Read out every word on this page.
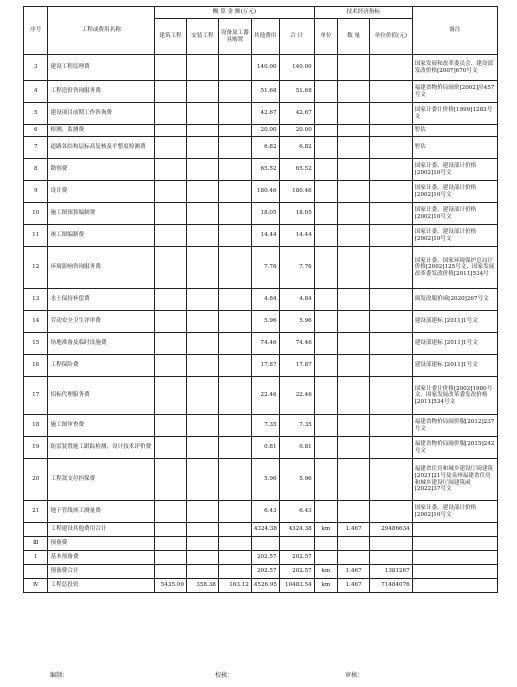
序号	工程或费用名称	概 算 金 额(万元)					技术经济指标			备注
		建筑工程	安装工程	设备及工器具购置	其他费用	合 计	单位	数 量	单位价值(元)	
3	建设工程监理费				140.00	140.00				国家发展和改革委员会、建设部发改价格[2007]670号文
4	工程造价咨询服务费				51.68	51.68				福建省物价局闽价[2002]房457号文
5	建设项目前期工作咨询费				42.67	42.67				国家计委计价格[1999]1283号文
6	检测、监测费				20.00	20.00				暂估
7	道路各结构层标高复核及平整度检测费				6.82	6.82				暂估
8	勘察费				65.52	65.52				国家计委、建设部计价格[2002]10号文
9	设计费				180.46	180.46				国家计委、建设部计价格[2002]10号文
10	施工图预算编制费				18.05	18.05				国家计委、建设部计价格[2002]10号文
11	竣工图编制费				14.44	14.44				国家计委、建设部计价格[2002]10号文
12	环境影响咨询服务费				7.76	7.76				国家计委、国家环境保护总局计价格[2002]125号文、国家发展改革委发改价格[2011]534号
13	水土保持补偿费				4.84	4.84				闽发改服价函[2020]267号文
14	劳动安全卫生评审费				5.96	5.96				建设部建标 [2011]1号文
15	场地准备及临时设施费				74.46	74.46				建设部建标 [2011]1号文
16	工程保险费				17.87	17.87				建设部建标 [2011]1号文
17	招标代理服务费				22.46	22.46				国家计委计价格[2002]1980号文、国家发展改革委发改价格[2011]534号文
18	施工图审查费				7.35	7.35				福建省物价局闽价服[2012]237号文
19	防雷装置施工跟踪检测、设计技术评价费				0.81	0.81				福建省物价局闽价服[2015]242号文
20	工程款支付担保费				5.96	5.96				福建省住房和城乡建设厅闽建筑[2021]21号及泉州福建省住房和城乡建设厅闽建筑函[2022]37号文
21	地下管线竣工测量费				6.43	6.43				国家计委、建设部计价格[2002]10号文
	工程建设其他费用合计				4324.38	4324.38	km	1.467	29486634	
Ⅲ	预备费									
1	基本预备费				202.57	202.57				
	预备费合计				202.57	202.57	km	1.467	1381267	
Ⅳ	工程总投资	5435.09	358.38	163.12	4526.95	10483.54	km	1.467	71484076	
编制：	校核：	审核：
